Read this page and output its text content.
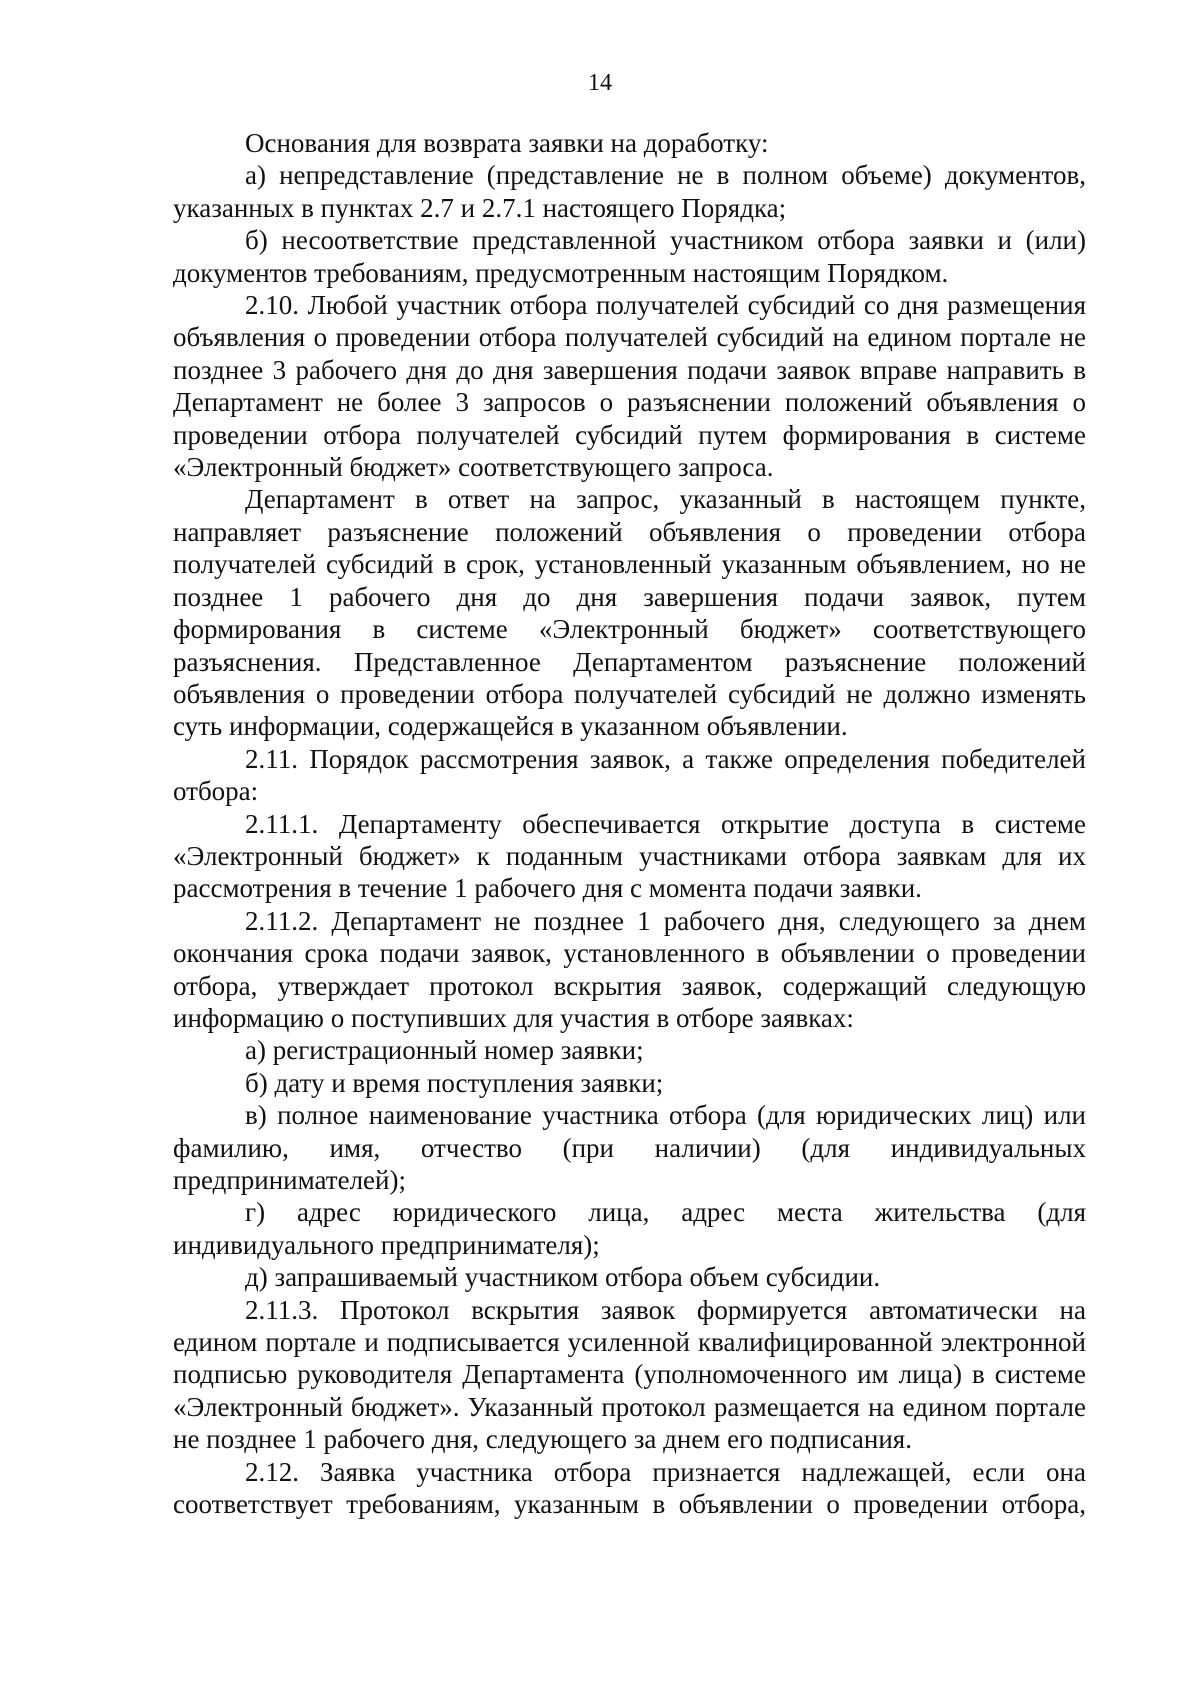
14

Основания для возврата заявки на доработку:

а) непредставление (представление не в полном объеме) документов, указанных в пунктах 2.7 и 2.7.1 настоящего Порядка;

б) несоответствие представленной участником отбора заявки и (или) документов требованиям, предусмотренным настоящим Порядком.

2.10. Любой участник отбора получателей субсидий со дня размещения объявления о проведении отбора получателей субсидий на едином портале не позднее 3 рабочего дня до дня завершения подачи заявок вправе направить в Департамент не более 3 запросов о разъяснении положений объявления о проведении отбора получателей субсидий путем формирования в системе «Электронный бюджет» соответствующего запроса.

Департамент в ответ на запрос, указанный в настоящем пункте, направляет разъяснение положений объявления о проведении отбора получателей субсидий в срок, установленный указанным объявлением, но не позднее 1 рабочего дня до дня завершения подачи заявок, путем формирования в системе «Электронный бюджет» соответствующего разъяснения. Представленное Департаментом разъяснение положений объявления о проведении отбора получателей субсидий не должно изменять суть информации, содержащейся в указанном объявлении.

2.11. Порядок рассмотрения заявок, а также определения победителей отбора:

2.11.1. Департаменту обеспечивается открытие доступа в системе «Электронный бюджет» к поданным участниками отбора заявкам для их рассмотрения в течение 1 рабочего дня с момента подачи заявки.

2.11.2. Департамент не позднее 1 рабочего дня, следующего за днем окончания срока подачи заявок, установленного в объявлении о проведении отбора, утверждает протокол вскрытия заявок, содержащий следующую информацию о поступивших для участия в отборе заявках:

а) регистрационный номер заявки;

б) дату и время поступления заявки;

в) полное наименование участника отбора (для юридических лиц) или фамилию, имя, отчество (при наличии) (для индивидуальных предпринимателей);

г) адрес юридического лица, адрес места жительства (для индивидуального предпринимателя);

д) запрашиваемый участником отбора объем субсидии.

2.11.3. Протокол вскрытия заявок формируется автоматически на едином портале и подписывается усиленной квалифицированной электронной подписью руководителя Департамента (уполномоченного им лица) в системе «Электронный бюджет». Указанный протокол размещается на едином портале не позднее 1 рабочего дня, следующего за днем его подписания.

2.12. Заявка участника отбора признается надлежащей, если она соответствует требованиям, указанным в объявлении о проведении отбора,
